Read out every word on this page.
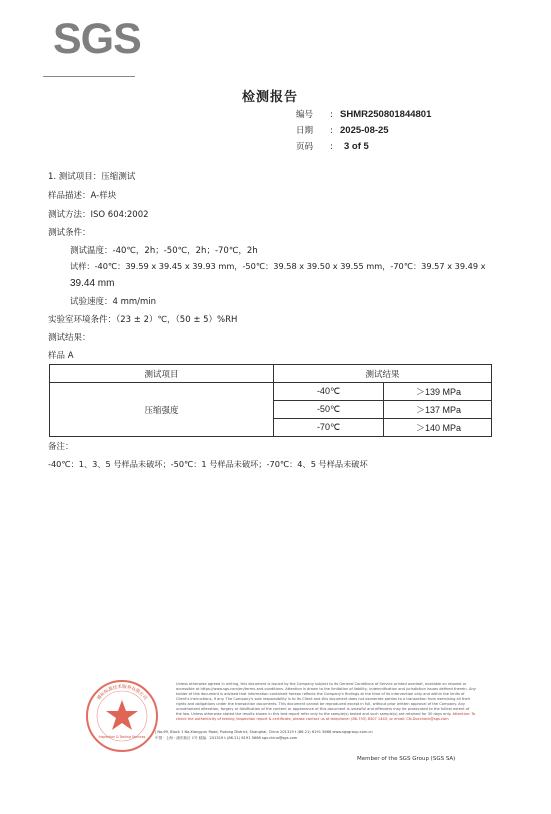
SGS
检测报告
编号 : SHMR250801844801
日期 : 2025-08-25
页码 : 3 of 5
1. 测试项目：压缩测试
样品描述：A-样块
测试方法：ISO 604:2002
测试条件：
测试温度：-40℃，2h；-50℃，2h；-70℃，2h
试样：-40℃：39.59 x 39.45 x 39.93 mm，-50℃：39.58 x 39.50 x 39.55 mm，-70℃：39.57 x 39.49 x
39.44 mm
试验速度：4 mm/min
实验室环境条件：（23 ± 2）℃，（50 ± 5）%RH
测试结果：
样品 A
测试项目	测试结果	
压缩强度	-40℃	＞139 MPa
	-50℃	＞137 MPa
	-70℃	＞140 MPa
备注：
-40℃：1、3、5 号样品未破坏；-50℃：1 号样品未破坏；-70℃：4、5 号样品未破坏
Inspection & Testing Services
通标标准技术服务有限公司
Unless otherwise agreed in writing, this document is issued by the Company subject to its General Conditions of Service printed overleaf, available on request or accessible at https://www.sgs.com/en/terms-and-conditions. Attention is drawn to the limitation of liability, indemnification and jurisdiction issues defined therein. Any holder of this document is advised that information contained hereon reflects the Company's findings at the time of its intervention only and within the limits of Client's instructions, if any. The Company's sole responsibility is to its Client and this document does not exonerate parties to a transaction from exercising all their rights and obligations under the transaction documents. This document cannot be reproduced except in full, without prior written approval of the Company. Any unauthorized alteration, forgery or falsification of the content or appearance of this document is unlawful and offenders may be prosecuted to the fullest extent of the law. Unless otherwise stated the results shown in this test report refer only to the sample(s) tested and such sample(s) are retained for 30 days only. Attention: To check the authenticity of testing /inspection report & certificate, please contact us at telephone: (86-755) 8307 1443, or email: CN.Doccheck@sgs.com
| No.69, Block 1 No.Xiangyun Road, Pudong District, Shanghai, China 201319 t (86-21) 6191 5666 www.sgsgroup.com.cn
中国 · 上海 · 浦东新区 1号 邮编：201319 t (86-21) 6191 5666 sgs.china@sgs.com
Member of the SGS Group (SGS SA)
